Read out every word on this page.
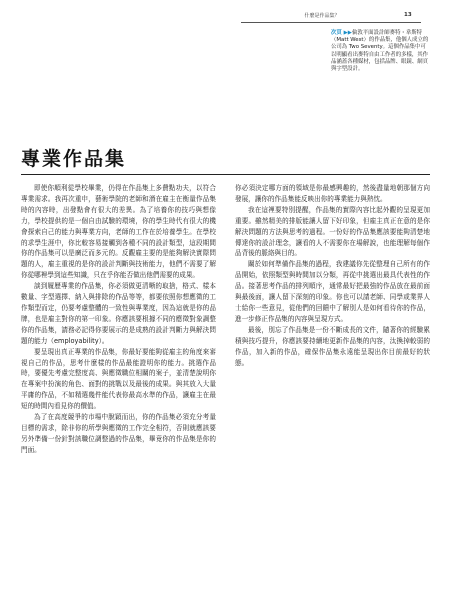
什麼是作品集？	13
次頁 ▶▶倫敦平面設計師麥特・韋斯特（Matt West）的作品集，他個人成立的公司為 Two Seventy。這個作品集中可以明顯看出麥特自由工作者的多樣，其作品涵蓋各種媒材，包括品牌、眼鏡、網頁與字型設計。
專業作品集

即使你順利從學校畢業，仍得在作品集上多費點功夫，以符合專業需求。我再次重申，藝術學院的老師和潛在雇主在衡量作品集時的內容時，出發點會有很大的差異。為了培養你的技巧與想像力，學校提供的是一個自由試驗的環境，你的學生時代有很大的機會探索自己的能力與專業方向，老師的工作在於培養學生。在學校的求學生涯中，你比較容易接觸到各種不同的設計類型，這段期間你的作品集可以是廣泛而多元的。反觀雇主要的是能夠解決實際問題的人，雇主重視的是你的設計判斷與技術能力，他們不需要了解你從哪裡學到這些知識，只在乎你能否做出他們需要的成果。

談到履歷專業的作品集，你必須做更清晰的取捨，格式、樣本數量、字型選擇、納入與排除的作品等等，都要依照你想應徵的工作類型而定，仍要考慮整體的一致性與專業度，因為這就是你的品牌，也是雇主對你的第一印象。你應該要根據不同的應徵對象調整你的作品集，請務必記得你要展示的是成熟的設計判斷力與解決問題的能力（employability）。

要呈現出真正專業的作品集，你最好要能夠從雇主的角度來審視自己的作品，思考什麼樣的作品最能證明你的能力。挑選作品時，要優先考慮完整度高、與應徵職位相關的案子，並清楚說明你在專案中扮演的角色、面對的挑戰以及最後的成果。與其放入大量平庸的作品，不如精選幾件能代表你最高水準的作品，讓雇主在最短的時間內看見你的價值。

為了在高度競爭的市場中脫穎而出，你的作品集必須充分考量目標的需求，除非你的所學與應徵的工作完全相符，否則就應該要另外準備一份針對該職位調整過的作品集，畢竟你的作品集是你的門面。

你必須決定哪方面的領域是你最感興趣的，然後盡量地朝那個方向發展，讓你的作品集能反映出你的專業能力與熱忱。

我在這裡要特別提醒，作品集的實際內容比起外觀的呈現更加重要。雖然精美的排版能讓人留下好印象，但雇主真正在意的是你解決問題的方法與思考的過程。一份好的作品集應該要能夠清楚地傳達你的設計理念，讓看的人不需要你在場解說，也能理解每個作品背後的脈絡與目的。

關於如何準備作品集的過程，我建議你先從整理自己所有的作品開始，依照類型與時間加以分類，再從中挑選出最具代表性的作品。接著思考作品的排列順序，通常最好把最強的作品放在最前面與最後面，讓人留下深刻的印象。你也可以請老師、同學或業界人士給你一些意見，從他們的回饋中了解別人是如何看待你的作品，進一步修正作品集的內容與呈現方式。

最後，別忘了作品集是一份不斷成長的文件，隨著你的經驗累積與技巧提升，你應該要持續地更新作品集的內容，汰換掉較弱的作品，加入新的作品，確保作品集永遠能呈現出你目前最好的狀態。
